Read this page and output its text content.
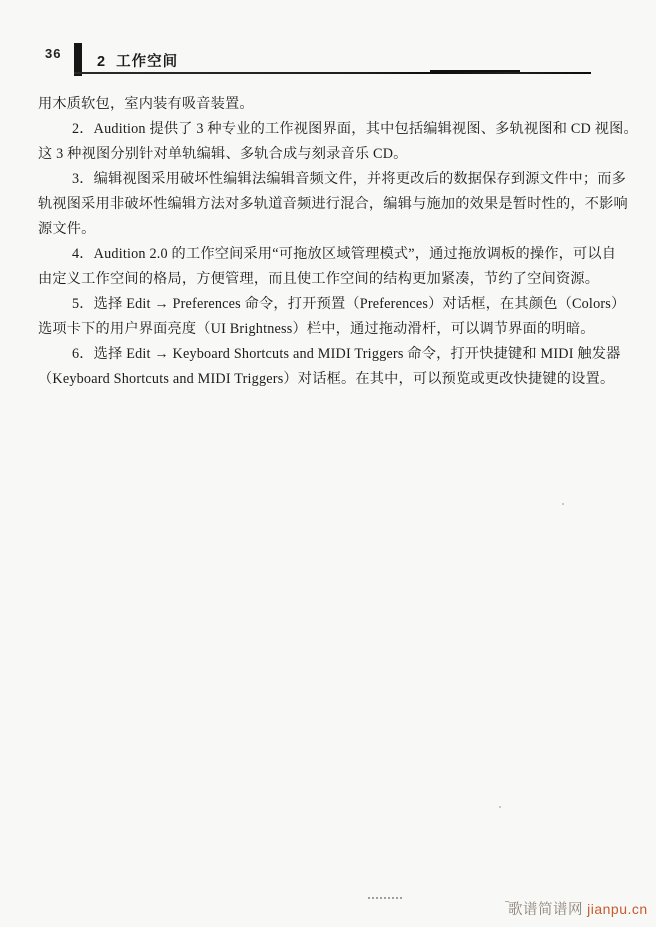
36
2  工作空间
用木质软包，室内装有吸音装置。
2．Audition 提供了 3 种专业的工作视图界面，其中包括编辑视图、多轨视图和 CD 视图。
这 3 种视图分别针对单轨编辑、多轨合成与刻录音乐 CD。
3．编辑视图采用破坏性编辑法编辑音频文件，并将更改后的数据保存到源文件中；而多
轨视图采用非破坏性编辑方法对多轨道音频进行混合，编辑与施加的效果是暂时性的，不影响
源文件。
4．Audition 2.0 的工作空间采用“可拖放区域管理模式”，通过拖放调板的操作，可以自
由定义工作空间的格局，方便管理，而且使工作空间的结构更加紧凑，节约了空间资源。
5．选择 Edit → Preferences 命令，打开预置（Preferences）对话框，在其颜色（Colors）
选项卡下的用户界面亮度（UI Brightness）栏中，通过拖动滑杆，可以调节界面的明暗。
6．选择 Edit → Keyboard Shortcuts and MIDI Triggers 命令，打开快捷键和 MIDI 触发器
（Keyboard Shortcuts and MIDI Triggers）对话框。在其中，可以预览或更改快捷键的设置。
歌谱简谱网 jianpu.cn
